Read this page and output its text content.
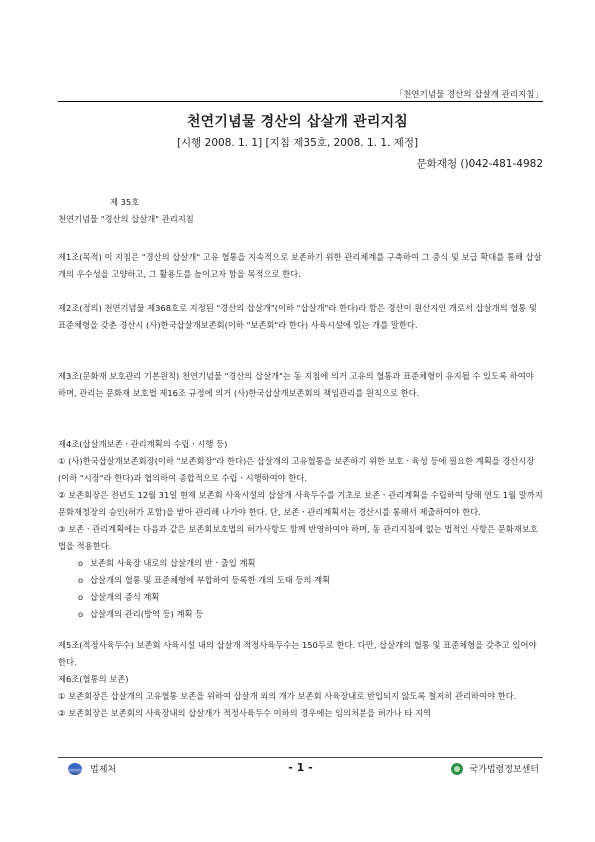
「천연기념물 경산의 삽살개 관리지침」
천연기념물 경산의 삽살개 관리지침
[시행 2008. 1. 1] [지침 제35호, 2008. 1. 1. 제정]
문화재청 ()042-481-4982
제 35호
천연기념물 "경산의 삽살개" 관리지침

제1조(목적) 이 지침은 "경산의 삽살개" 고유 혈통을 지속적으로 보존하기 위한 관리체계를 구축하여 그 증식 및 보급 확대를 통해 삽살개의 우수성을 고양하고, 그 활용도를 높이고자 함을 목적으로 한다.

제2조(정의) 천연기념물 제368호로 지정된 "경산의 삽살개"(이하 "삽살개"라 한다)라 함은 경산이 원산지인 개로서 삽살개의 혈통 및 표준체형을 갖춘 경산시 (사)한국삽살개보존회(이하 "보존회"라 한다) 사육시설에 있는 개를 말한다.

제3조(문화재 보호관리 기본원칙) 천연기념물 "경산의 삽살개"는 동 지침에 의거 고유의 혈통과 표준체형이 유지될 수 있도록 하여야 하며, 관리는 문화재 보호법 제16조 규정에 의거 (사)한국삽살개보존회의 책임관리를 원칙으로 한다.

제4조(삽살개보존ㆍ관리계획의 수립ㆍ시행 등)

① (사)한국삽살개보존회장(이하 "보존회장"라 한다)은 삽살개의 고유혈통을 보존하기 위한 보호ㆍ육성 등에 필요한 계획을 경산시장(이하 "시장"라 한다)과 협의하여 종합적으로 수립ㆍ시행하여야 한다.

② 보존회장은 전년도 12월 31일 현재 보존회 사육시설의 삽살개 사육두수를 기초로 보존ㆍ관리계획을 수립하여 당해 연도 1월 말까지 문화재청장의 승인(허가 포함)을 받아 관리해 나가야 한다. 단, 보존ㆍ관리계획서는 경산시를 통해서 제출하여야 한다.

③ 보존ㆍ관리계획에는 다음과 같은 보존회보호법의 허가사항도 함께 반영하여야 하며, 동 관리지침에 없는 법적인 사항은 문화재보호법을 적용한다.

o 보존회 사육장 내로의 삽살개의 반ㆍ출입 계획

o 삽살개의 혈통 및 표준체형에 부합하여 등록한 개의 도태 등의 계획

o 삽살개의 증식 계획

o 삽살개의 관리(방역 등) 계획 등

제5조(적정사육두수) 보존회 사육시설 내의 삽살개 적정사육두수는 150두로 한다. 다만, 삽살개의 혈통 및 표준체형을 갖추고 있어야 한다.

제6조(혈통의 보존)

① 보존회장은 삽살개의 고유혈통 보존을 위하여 삽살개 외의 개가 보존회 사육장내로 반입되지 않도록 철저히 관리하여야 한다.

② 보존회장은 보존회의 사육장내의 삽살개가 적정사육두수 이하의 경우에는 임의처분을 허가나 타 지역

법제처	- 1 -	국가법령정보센터
